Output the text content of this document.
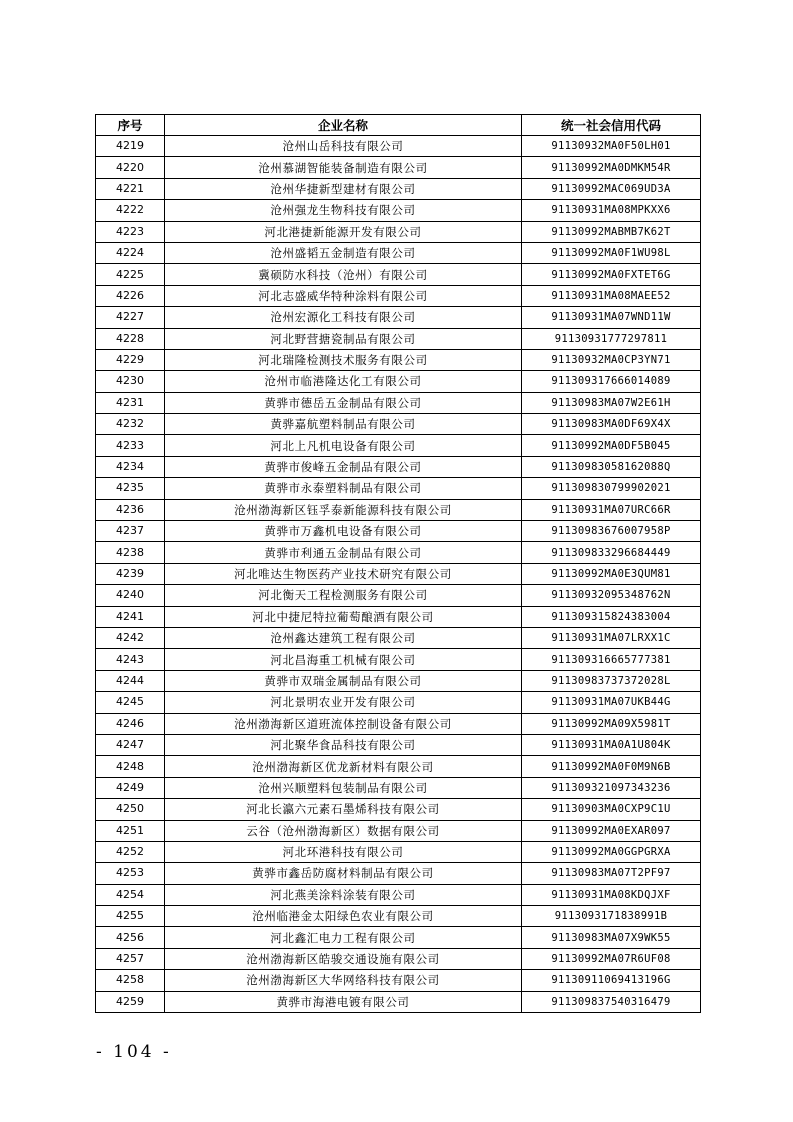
序号	企业名称	统一社会信用代码
4219	沧州山岳科技有限公司	91130932MA0F50LH01
4220	沧州慕湖智能装备制造有限公司	91130992MA0DMKM54R
4221	沧州华捷新型建材有限公司	91130992MAC069UD3A
4222	沧州强龙生物科技有限公司	91130931MA08MPKXX6
4223	河北港捷新能源开发有限公司	91130992MABMB7K62T
4224	沧州盛韬五金制造有限公司	91130992MA0F1WU98L
4225	冀硕防水科技（沧州）有限公司	91130992MA0FXTET6G
4226	河北志盛威华特种涂料有限公司	91130931MA08MAEE52
4227	沧州宏源化工科技有限公司	91130931MA07WND11W
4228	河北野营搪瓷制品有限公司	91130931777297811
4229	河北瑞隆检测技术服务有限公司	91130932MA0CP3YN71
4230	沧州市临港隆达化工有限公司	911309317666014089
4231	黄骅市德岳五金制品有限公司	91130983MA07W2E61H
4232	黄骅嘉航塑料制品有限公司	91130983MA0DF69X4X
4233	河北上凡机电设备有限公司	91130992MA0DF5B045
4234	黄骅市俊峰五金制品有限公司	91130983058162088Q
4235	黄骅市永泰塑料制品有限公司	911309830799902021
4236	沧州渤海新区钰孚泰新能源科技有限公司	91130931MA07URC66R
4237	黄骅市万鑫机电设备有限公司	91130983676007958P
4238	黄骅市利通五金制品有限公司	911309833296684449
4239	河北唯达生物医药产业技术研究有限公司	91130992MA0E3QUM81
4240	河北衡天工程检测服务有限公司	91130932095348762N
4241	河北中捷尼特拉葡萄酿酒有限公司	911309315824383004
4242	沧州鑫达建筑工程有限公司	91130931MA07LRXX1C
4243	河北昌海重工机械有限公司	911309316665777381
4244	黄骅市双瑞金属制品有限公司	91130983737372028L
4245	河北景明农业开发有限公司	91130931MA07UKB44G
4246	沧州渤海新区道班流体控制设备有限公司	91130992MA09X5981T
4247	河北聚华食品科技有限公司	91130931MA0A1U804K
4248	沧州渤海新区优龙新材料有限公司	91130992MA0F0M9N6B
4249	沧州兴顺塑料包装制品有限公司	911309321097343236
4250	河北长瀛六元素石墨烯科技有限公司	91130903MA0CXP9C1U
4251	云谷（沧州渤海新区）数据有限公司	91130992MA0EXAR097
4252	河北环港科技有限公司	91130992MA0GGPGRXA
4253	黄骅市鑫岳防腐材料制品有限公司	91130983MA07T2PF97
4254	河北燕美涂料涂装有限公司	91130931MA08KDQJXF
4255	沧州临港金太阳绿色农业有限公司	9113093171838991B
4256	河北鑫汇电力工程有限公司	91130983MA07X9WK55
4257	沧州渤海新区皓骏交通设施有限公司	91130992MA07R6UF08
4258	沧州渤海新区大华网络科技有限公司	91130911069413196G
4259	黄骅市海港电镀有限公司	911309837540316479
- 104 -
